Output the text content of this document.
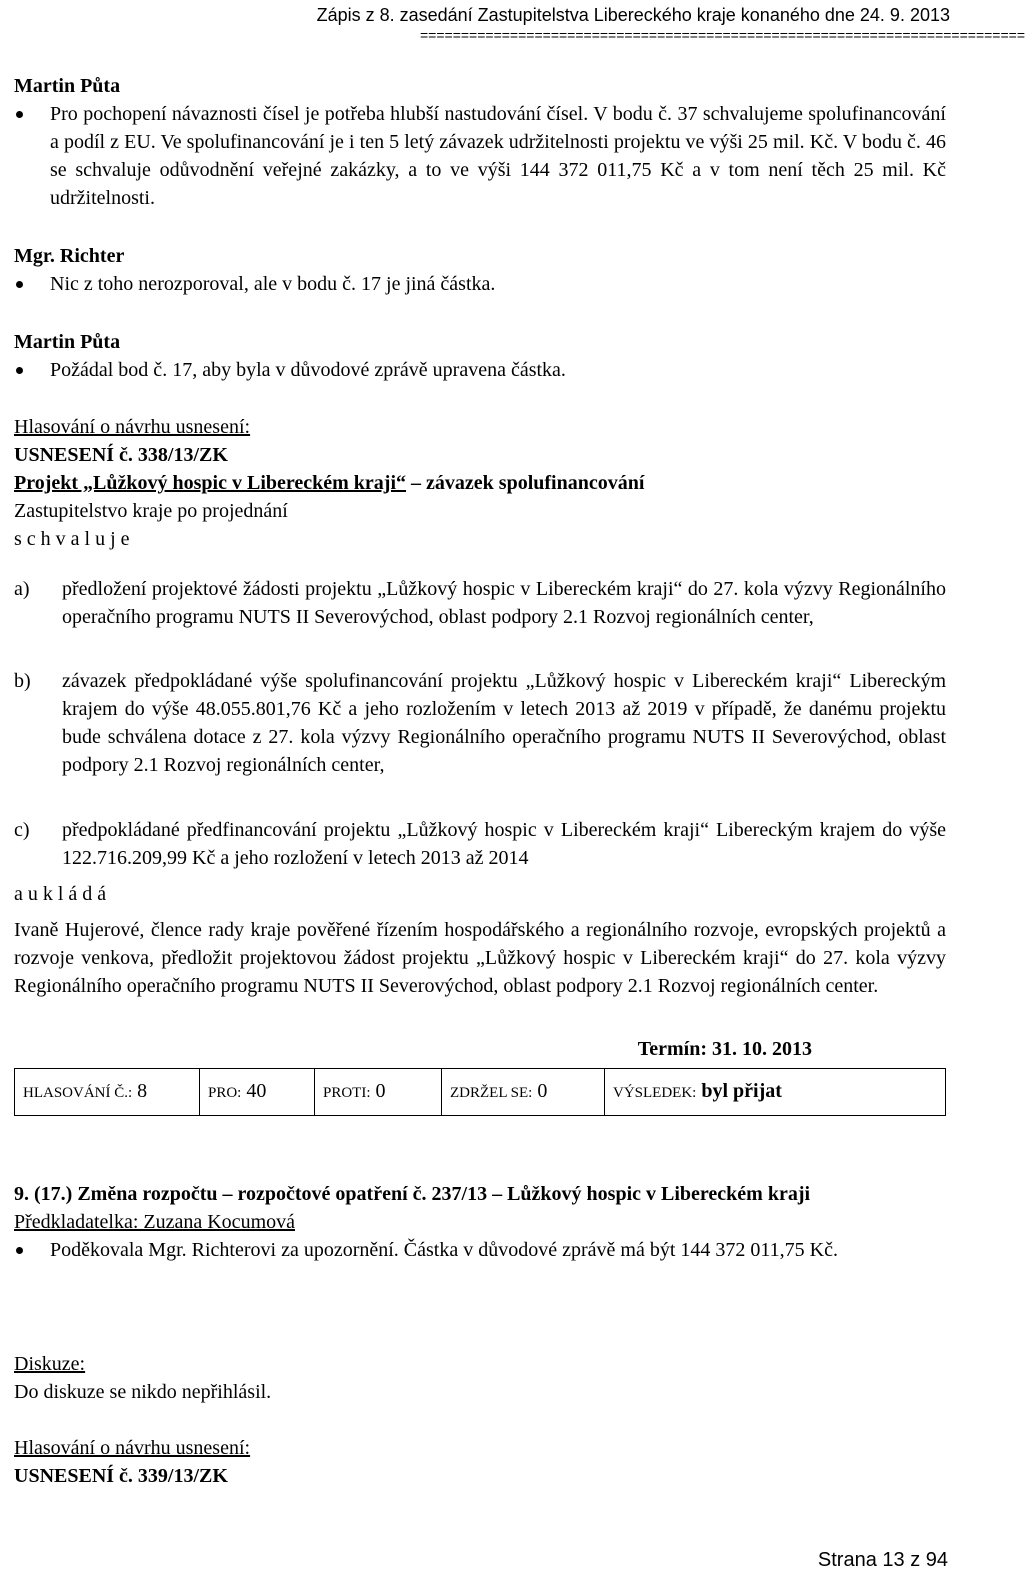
Zápis z 8. zasedání Zastupitelstva Libereckého kraje konaného dne 24. 9. 2013
==========================================================================
Martin Půta
Pro pochopení návaznosti čísel je potřeba hlubší nastudování čísel. V bodu č. 37 schvalujeme spolufinancování a podíl z EU. Ve spolufinancování je i ten 5 letý závazek udržitelnosti projektu ve výši 25 mil. Kč. V bodu č. 46 se schvaluje odůvodnění veřejné zakázky, a to ve výši 144 372 011,75 Kč a v tom není těch 25 mil. Kč udržitelnosti.
Mgr. Richter
Nic z toho nerozporoval, ale v bodu č. 17 je jiná částka.
Martin Půta
Požádal bod č. 17, aby byla v důvodové zprávě upravena částka.
Hlasování o návrhu usnesení:
USNESENÍ č. 338/13/ZK
Projekt „Lůžkový hospic v Libereckém kraji“ – závazek spolufinancování
Zastupitelstvo kraje po projednání
s c h v a l u j e
a) předložení projektové žádosti projektu „Lůžkový hospic v Libereckém kraji“ do 27. kola výzvy Regionálního operačního programu NUTS II Severovýchod, oblast podpory 2.1 Rozvoj regionálních center,
b) závazek předpokládané výše spolufinancování projektu „Lůžkový hospic v Libereckém kraji“ Libereckým krajem do výše 48.055.801,76 Kč a jeho rozložením v letech 2013 až 2019 v případě, že danému projektu bude schválena dotace z 27. kola výzvy Regionálního operačního programu NUTS II Severovýchod, oblast podpory 2.1 Rozvoj regionálních center,
c) předpokládané předfinancování projektu „Lůžkový hospic v Libereckém kraji“ Libereckým krajem do výše 122.716.209,99 Kč a jeho rozložení v letech 2013 až 2014
a u k l á d á
Ivaně Hujerové, člence rady kraje pověřené řízením hospodářského a regionálního rozvoje, evropských projektů a rozvoje venkova, předložit projektovou žádost projektu „Lůžkový hospic v Libereckém kraji“ do 27. kola výzvy Regionálního operačního programu NUTS II Severovýchod, oblast podpory 2.1 Rozvoj regionálních center.
Termín: 31. 10. 2013
HLASOVÁNÍ Č.: 8	PRO: 40	PROTI: 0	ZDRŽEL SE: 0	VÝSLEDEK: byl přijat
9. (17.) Změna rozpočtu – rozpočtové opatření č. 237/13 – Lůžkový hospic v Libereckém kraji
Předkladatelka: Zuzana Kocumová
Poděkovala Mgr. Richterovi za upozornění. Částka v důvodové zprávě má být 144 372 011,75 Kč.
Diskuze:
Do diskuze se nikdo nepřihlásil.
Hlasování o návrhu usnesení:
USNESENÍ č. 339/13/ZK
Strana 13 z 94
